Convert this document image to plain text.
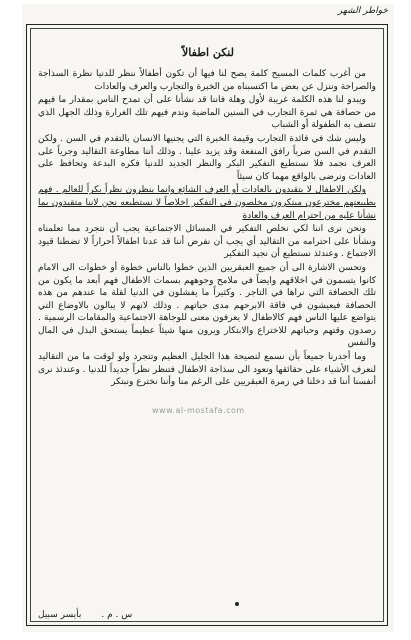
خواطر الشهر
لنكن اطفالاً

من أغرب كلمات المسيح كلمة يصح لنا فيها أن تكون أطفالاً ننظر للدنيا نظرة السذاجة والصراحة وننزل عن بعض ما اكتسبناه من الخبرة والتجارب والعرف والعادات

ويبدو لنا هذه الكلمة غريبة لأول وهلة فاننا قد نشأنا على أن تمدح الناس بمقدار ما فيهم من حصافة هي ثمرة التجارب في السنين الماضية وندم فيهم تلك الغرارة وذلك الجهل الذي تتصف به الطفولة أو الشباب

وليس شك في فائدة التجارب وقيمة الخبرة التي يجنيها الانسان بالتقدم في السن . ولكن التقدم في السن ضرباً رافق المنفعة وقد يزيد علينا . وذلك أننا مطاوعة التقاليد وجرياً على العرف نجمد فلا نستطيع التفكير البكر والنظر الجديد للدنيا فكره البدعة وتحافظ على العادات ونرضى بالواقع مهما كان سيئاً

ولكن الاطفال لا يتقيدون بالعادات أو العرف الشائع وانما ينظرون نظراً بكراً للعالم . فهم بطبيعتهم مخترعون مبتكرون مخلصون في التفكير اخلاصاً لا نستطيعه نحن لاننا متقيدون بما نشأنا عليه من احترام العرف والعادة

ونحن نرى اننا لكي نخلص التفكير في المسائل الاجتماعية يجب أن نتجرد مما تعلمناه ونشأنا على احترامه من التقاليد أي يجب أن نفرض أننا قد عدنا اطفالاً أحراراً لا تضطنا قيود الاجتماع . وعندئذ نستطيع أن نجيد التفكير

وتحسن الاشارة الى أن جميع العبقريين الذين خطوا بالناس خطوة أو خطوات الى الامام كانوا يتسمون في اخلاقهم وايضاً في ملامح وجوههم بسمات الاطفال فهم أبعد ما يكون من تلك الحصافة التي نراها في التاجر . وكثيراً ما يفشلون في الدنيا لقلة ما عندهم من هذه الحصافة فيعيشون في فاقة الابرحهم مدى حياتهم . وذلك لانهم لا يبالون بالاوضاع التي يتواضع عليها الناس فهم كالاطفال لا يعرفون معنى للوجاهة الاجتماعية والمقامات الرسمية . رصدون وقتهم وحياتهم للاختراع والابتكار ويرون منها شيئاً عظيماً يستحق البذل في المال والنفس

وما أجدرنا جميعاً بأن نسمع لنصيحة هذا الجليل العظيم وتتجرد ولو لوقت ما من التقاليد لنعرف الأشياء على حقائقها ونعود الى سذاجة الاطفال فتنظر نظراً جديداً للدنيا . وعندئذ نرى أنفسنا أننا قد دخلنا في زمرة العبقريين على الرغم منا وأننا نخترع ونبتكر

www.al-mostafa.com
س . م .
بأيسر سبيل
